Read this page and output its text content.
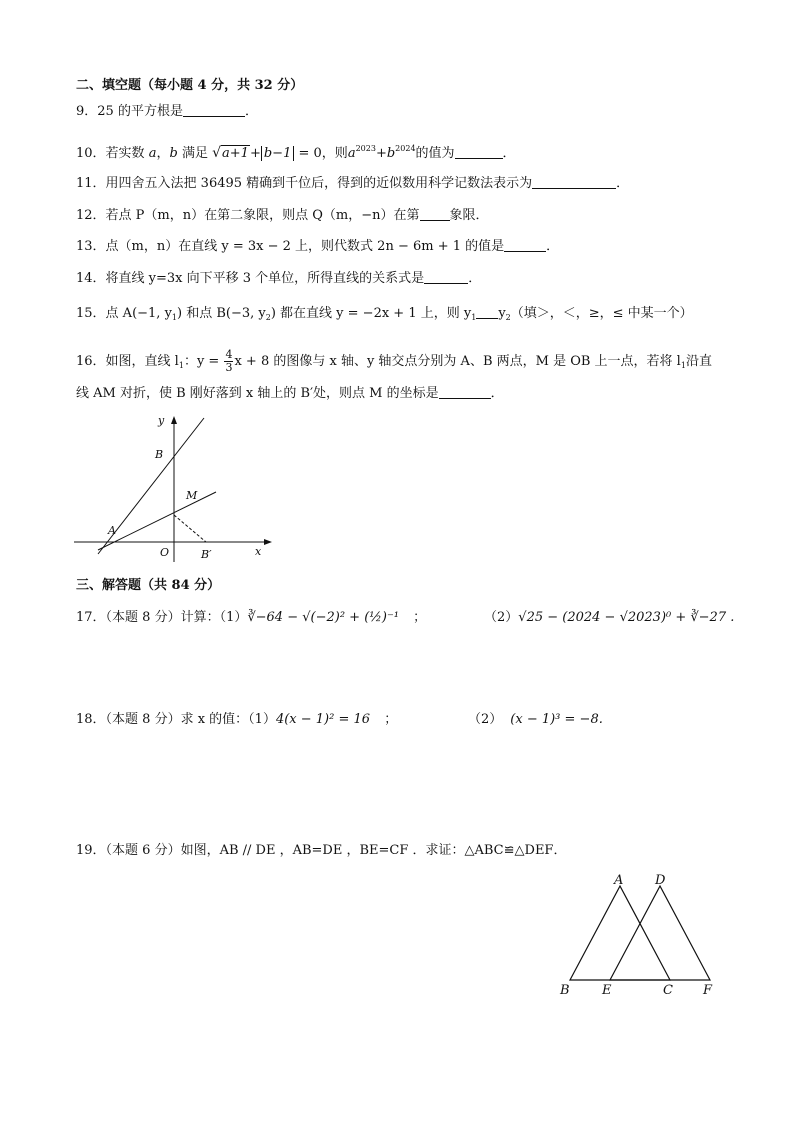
二、填空题（每小题 4 分，共 32 分）
9．25 的平方根是	．
10．若实数 a，b 满足 √a+1+ b−1 = 0，则$a^{2023}+b^{2024}$的值为	．
11．用四舍五入法把 36495 精确到千位后，得到的近似数用科学记数法表示为	．
12．若点 P（m，n）在第二象限，则点 Q（m，−n）在第 象限．
13．点（m，n）在直线 y = 3x − 2 上，则代数式 2n − 6m + 1 的值是	．
14．将直线 y=3x 向下平移 3 个单位，所得直线的关系式是	．
15．点 A(−1, $y_1$) 和点 B(−3, $y_2$) 都在直线 y = −2x + 1 上，则 $y_1$ $y_2$（填＞，＜，≥，≤ 中某一个）
16．如图，直线 $l_1$：$y = \frac{4}{3}$ x + 8 的图像与 x 轴、y 轴交点分别为 A、B 两点，M 是 OB 上一点，若将 $l_1$沿直
线 AM 对折，使 B 刚好落到 x 轴上的 B′处，则点 M 的坐标是	．
y
x
B
M
A
O	B′
三、解答题（共 84 分）
17．（本题 8 分）计算：（1）∛−64 − √(−2)² + (½)⁻¹ ；	（2）√25 − (2024 − √2023)⁰ + ∛−27 .
18．（本题 8 分）求 x 的值：（1）4(x − 1)² = 16 ；	（2） (x − 1)³ = −8.
19．（本题 6 分）如图，AB // DE ，AB=DE ，BE=CF ．求证：△ABC≌△DEF．
A D
B E	C F
